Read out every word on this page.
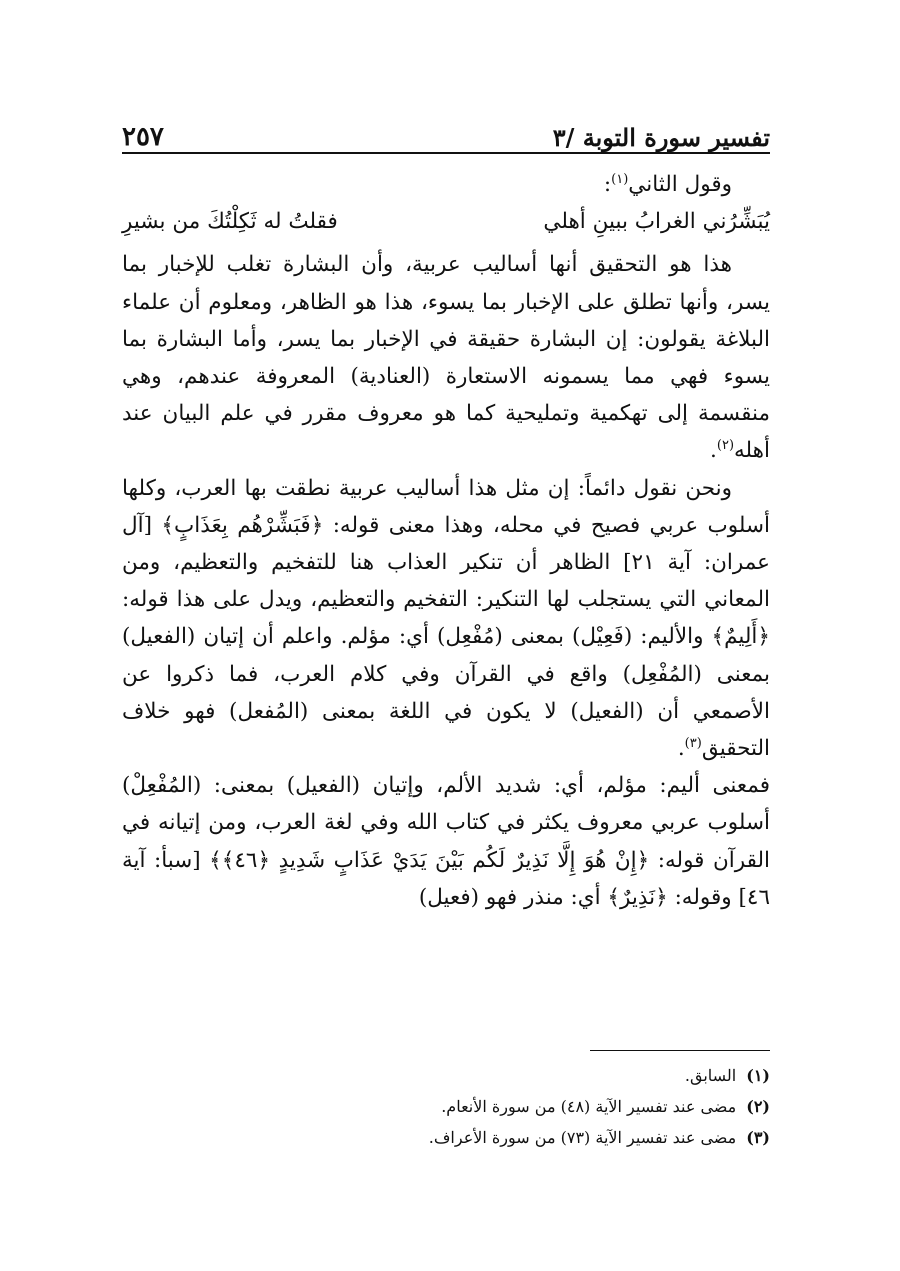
تفسير سورة التوبة /٣
٢٥٧

وقول الثاني$^{(١)}$:

يُبَشِّرُني الغرابُ ببينِ أهلي
فقلتُ له ثَكِلْتُكَ من بشيرِ

هذا هو التحقيق أنها أساليب عربية، وأن البشارة تغلب للإخبار بما يسر، وأنها تطلق على الإخبار بما يسوء، هذا هو الظاهر، ومعلوم أن علماء البلاغة يقولون: إن البشارة حقيقة في الإخبار بما يسر، وأما البشارة بما يسوء فهي مما يسمونه الاستعارة (العنادية) المعروفة عندهم، وهي منقسمة إلى تهكمية وتمليحية كما هو معروف مقرر في علم البيان عند أهله$^{(٢)}$.

ونحن نقول دائماً: إن مثل هذا أساليب عربية نطقت بها العرب، وكلها أسلوب عربي فصيح في محله، وهذا معنى قوله: ﴿فَبَشِّرْهُم بِعَذَابٍ﴾ [آل عمران: آية ٢١] الظاهر أن تنكير العذاب هنا للتفخيم والتعظيم، ومن المعاني التي يستجلب لها التنكير: التفخيم والتعظيم، ويدل على هذا قوله: ﴿أَلِيمٌ﴾ والأليم: (فَعِيْل) بمعنى (مُفْعِل) أي: مؤلم. واعلم أن إتيان (الفعيل) بمعنى (المُفْعِل) واقع في القرآن وفي كلام العرب، فما ذكروا عن الأصمعي أن (الفعيل) لا يكون في اللغة بمعنى (المُفعل) فهو خلاف التحقيق$^{(٣)}$.

فمعنى أليم: مؤلم، أي: شديد الألم، وإتيان (الفعيل) بمعنى: (المُفْعِلْ) أسلوب عربي معروف يكثر في كتاب الله وفي لغة العرب، ومن إتيانه في القرآن قوله: ﴿إِنْ هُوَ إِلَّا نَذِيرٌ لَكُم بَيْنَ يَدَيْ عَذَابٍ شَدِيدٍ ﴿٤٦﴾﴾ [سبأ: آية ٤٦] وقوله: ﴿نَذِيرٌ﴾ أي: منذر فهو (فعيل)

(١)السابق.

(٢)مضى عند تفسير الآية (٤٨) من سورة الأنعام.

(٣)مضى عند تفسير الآية (٧٣) من سورة الأعراف.
